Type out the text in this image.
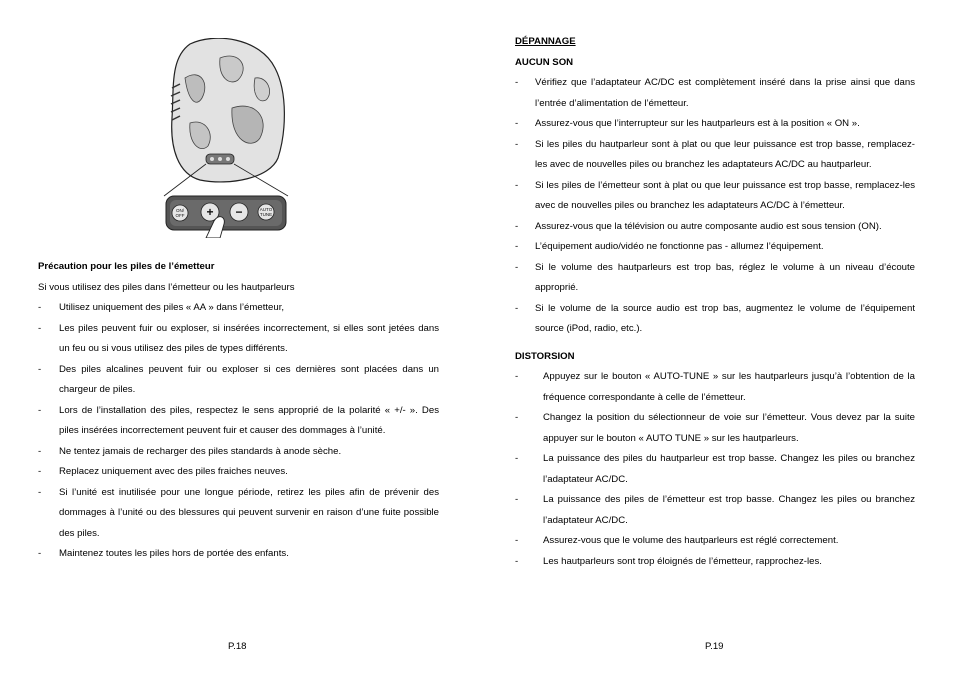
ON/
OFF + −	AUTO
TUNE

Précaution pour les piles de l’émetteur

Si vous utilisez des piles dans l’émetteur ou les hautparleurs

- Utilisez uniquement des piles « AA » dans l’émetteur,
- Les piles peuvent fuir ou exploser, si insérées incorrectement, si elles sont jetées dans un feu ou si vous utilisez des piles de types différents.
- Des piles alcalines peuvent fuir ou exploser si ces dernières sont placées dans un chargeur de piles.
- Lors de l’installation des piles, respectez le sens approprié de la polarité « +/- ». Des piles insérées incorrectement peuvent fuir et causer des dommages à l’unité.
- Ne tentez jamais de recharger des piles standards à anode sèche.
- Replacez uniquement avec des piles fraiches neuves.
- Si l’unité est inutilisée pour une longue période, retirez les piles afin de prévenir des dommages à l’unité ou des blessures qui peuvent survenir en raison d’une fuite possible des piles.
- Maintenez toutes les piles hors de portée des enfants.
P.18

DÉPANNAGE

AUCUN SON

- Vérifiez que l’adaptateur AC/DC est complètement inséré dans la prise ainsi que dans l’entrée d’alimentation de l’émetteur.
- Assurez-vous que l’interrupteur sur les hautparleurs est à la position « ON ».
- Si les piles du hautparleur sont à plat ou que leur puissance est trop basse, remplacez-les avec de nouvelles piles ou branchez les adaptateurs AC/DC au hautparleur.
- Si les piles de l’émetteur sont à plat ou que leur puissance est trop basse, remplacez-les avec de nouvelles piles ou branchez les adaptateurs AC/DC à l’émetteur.
- Assurez-vous que la télévision ou autre composante audio est sous tension (ON).
- L’équipement audio/vidéo ne fonctionne pas - allumez l’équipement.
- Si le volume des hautparleurs est trop bas, réglez le volume à un niveau d’écoute approprié.
- Si le volume de la source audio est trop bas, augmentez le volume de l’équipement source (iPod, radio, etc.).

DISTORSION

-	Appuyez sur le bouton « AUTO-TUNE » sur les hautparleurs jusqu’à l’obtention de la fréquence correspondante à celle de l’émetteur.
-	Changez la position du sélectionneur de voie sur l’émetteur. Vous devez par la suite appuyer sur le bouton « AUTO TUNE » sur les hautparleurs.
-	La puissance des piles du hautparleur est trop basse. Changez les piles ou branchez l’adaptateur AC/DC.
-	La puissance des piles de l’émetteur est trop basse. Changez les piles ou branchez l’adaptateur AC/DC.
-	Assurez-vous que le volume des hautparleurs est réglé correctement.
-	Les hautparleurs sont trop éloignés de l’émetteur, rapprochez-les.
P.19
